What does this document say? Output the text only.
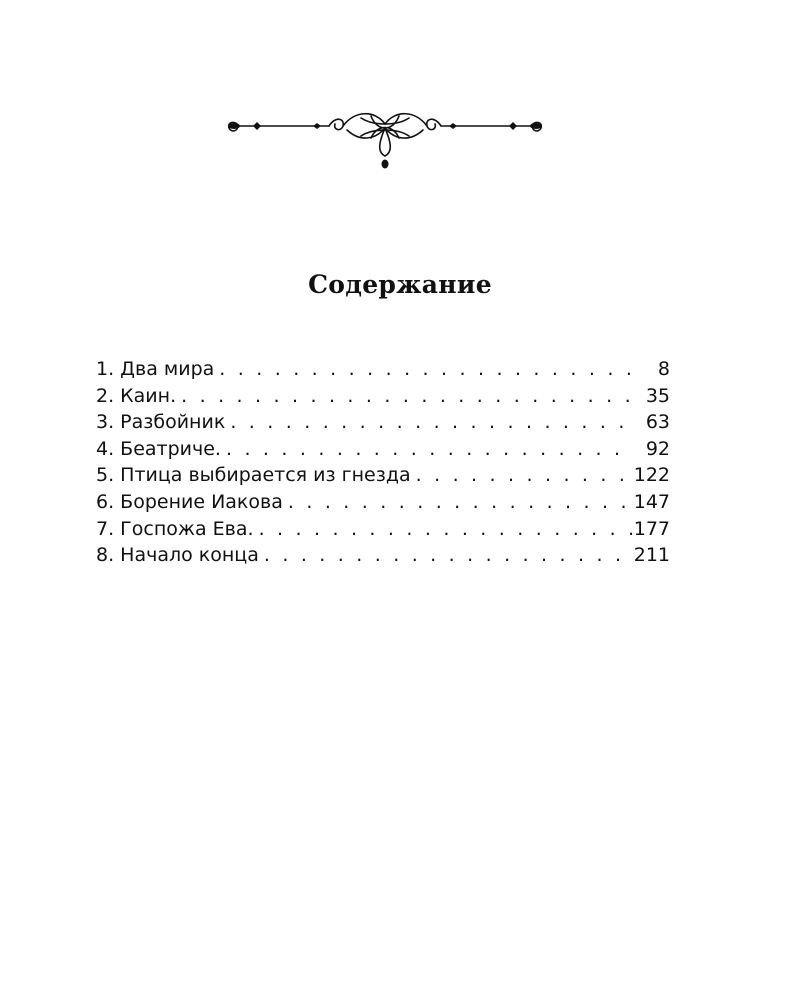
Содержание
1. Два мира . . .	8
2. Каин. . . .	35
3. Разбойник . . .	63
4. Беатриче. . . .	92
5. Птица выбирается из гнезда . . .	122
6. Борение Иакова . . .	147
7. Госпожа Ева. . . .	177
8. Начало конца . . .	211
